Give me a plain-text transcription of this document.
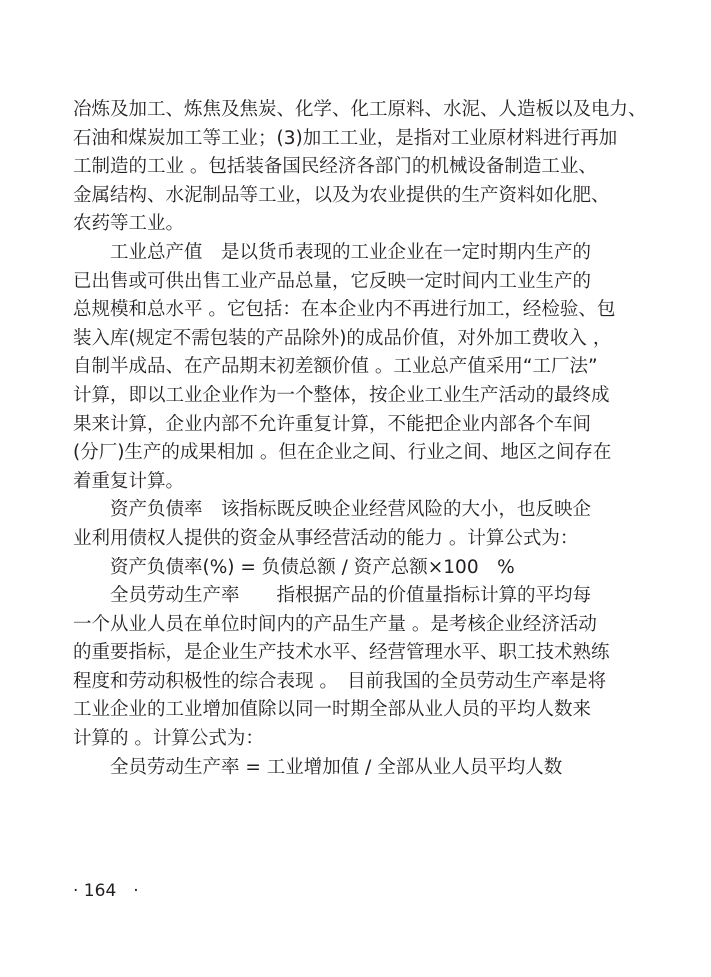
冶炼及加工、炼焦及焦炭、化学、化工原料、水泥、人造板以及电力、
石油和煤炭加工等工业；(3)加工工业，是指对工业原材料进行再加
工制造的工业 。包括装备国民经济各部门的机械设备制造工业、
金属结构、水泥制品等工业，以及为农业提供的生产资料如化肥、
农药等工业。
工业总产值　是以货币表现的工业企业在一定时期内生产的
已出售或可供出售工业产品总量，它反映一定时间内工业生产的
总规模和总水平 。它包括：在本企业内不再进行加工，经检验、包
装入库(规定不需包装的产品除外)的成品价值，对外加工费收入 ，
自制半成品、在产品期末初差额价值 。工业总产值采用“工厂法”
计算，即以工业企业作为一个整体，按企业工业生产活动的最终成
果来计算，企业内部不允许重复计算，不能把企业内部各个车间
(分厂)生产的成果相加 。但在企业之间、行业之间、地区之间存在
着重复计算。
资产负债率　该指标既反映企业经营风险的大小，也反映企
业利用债权人提供的资金从事经营活动的能力 。计算公式为：
资产负债率(%) = 负债总额 / 资产总额×100　%
全员劳动生产率　　指根据产品的价值量指标计算的平均每
一个从业人员在单位时间内的产品生产量 。是考核企业经济活动
的重要指标，是企业生产技术水平、经营管理水平、职工技术熟练
程度和劳动积极性的综合表现 。　目前我国的全员劳动生产率是将
工业企业的工业增加值除以同一时期全部从业人员的平均人数来
计算的 。计算公式为：
全员劳动生产率 = 工业增加值 / 全部从业人员平均人数
· 164　·
